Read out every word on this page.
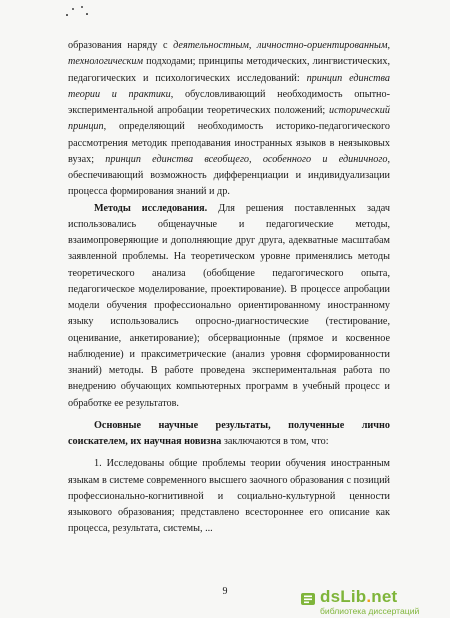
образования наряду с деятельностным, личностно-ориентированным, технологическим подходами; принципы методических, лингвистических, педагогических и психологических исследований: принцип единства теории и практики, обусловливающий необходимость опытно-экспериментальной апробации теоретических положений; исторический принцип, определяющий необходимость историко-педагогического рассмотрения методик преподавания иностранных языков в неязыковых вузах; принцип единства всеобщего, особенного и единичного, обеспечивающий возможность дифференциации и индивидуализации процесса формирования знаний и др.

Методы исследования. Для решения поставленных задач использовались общенаучные и педагогические методы, взаимопроверяющие и дополняющие друг друга, адекватные масштабам заявленной проблемы. На теоретическом уровне применялись методы теоретического анализа (обобщение педагогического опыта, педагогическое моделирование, проектирование). В процессе апробации модели обучения профессионально ориентированному иностранному языку использовались опросно-диагностические (тестирование, оценивание, анкетирование); обсервационные (прямое и косвенное наблюдение) и праксиметрические (анализ уровня сформированности знаний) методы. В работе проведена экспериментальная работа по внедрению обучающих компьютерных программ в учебный процесс и обработке ее результатов.

Основные научные результаты, полученные лично соискателем, их научная новизна заключаются в том, что:

1. Исследованы общие проблемы теории обучения иностранным языкам в системе современного высшего заочного образования с позиций профессионально-когнитивной и социально-культурной ценности языкового образования; представлено всестороннее его описание как процесса, результата, системы, ...

9	dsLib.net
библиотека диссертаций
